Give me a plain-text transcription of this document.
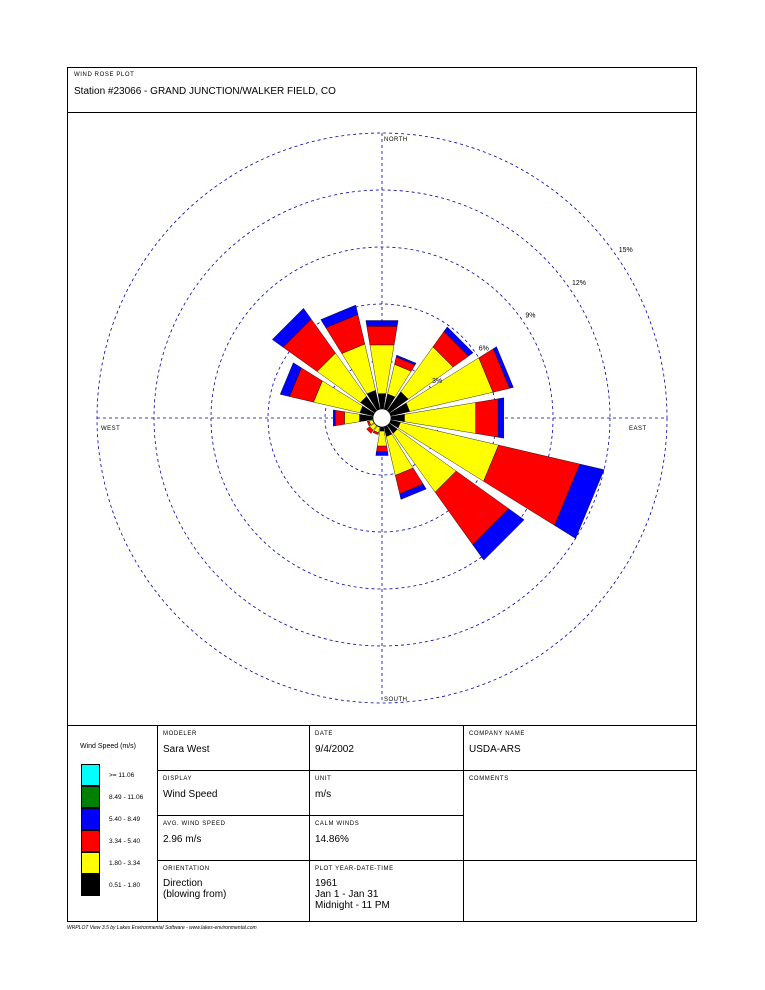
WIND ROSE PLOT
Station #23066 - GRAND JUNCTION/WALKER FIELD, CO
3%
6%
9%
12%
15%
NORTH
SOUTH
EAST
WEST
Wind Speed (m/s)
>= 11.06
8.49 - 11.06
5.40 - 8.49
3.34 - 5.40
1.80 - 3.34
0.51 - 1.80
MODELER
Sara West
DATE
9/4/2002
COMPANY NAME
USDA-ARS
DISPLAY
Wind Speed
UNIT
m/s
COMMENTS
AVG. WIND SPEED
2.96 m/s
CALM WINDS
14.86%
ORIENTATION
Direction
(blowing from)
PLOT YEAR-DATE-TIME
1961
Jan 1 - Jan 31
Midnight - 11 PM
WRPLOT View 3.5 by Lakes Environmental Software - www.lakes-environmental.com
